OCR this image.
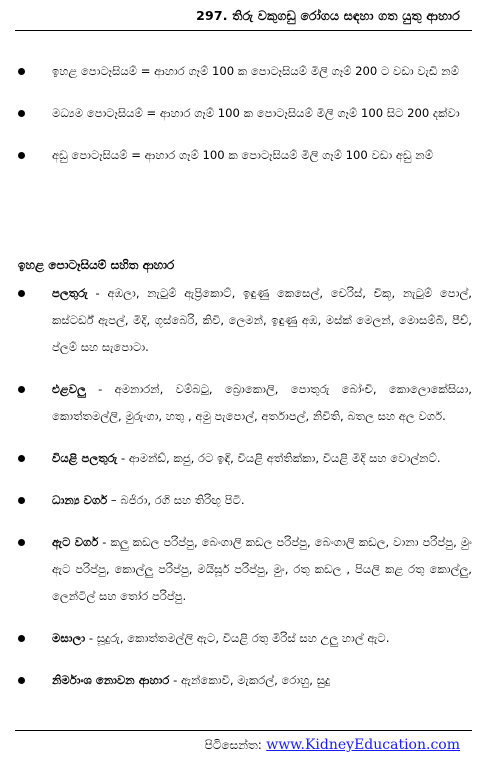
297. තිරු වකුගඩු රෝගය සඳහා ගත යුතු ආහාර
ඉහළ පොටෑසියම් = ආහාර ගෑම් 100 ක පොටෑසියම් මිලි ගෑම් 200 ට වඩා වැඩි නම්
මධ්‍යම පොටෑසියම් = ආහාර ගෑම් 100 ක පොටෑසියම් මිලි ගෑම් 100 සිට 200 දක්වා
අඩු පොටෑසියම් = ආහාර ගෑම් 100 ක පොටෑසියම් මිලි ගෑම් 100 වඩා අඩු නම්
ඉහළ පොටෑසියම් සහිත ආහාර
පලතුරු - අඹලා, නැටුම් ඇප්‍රිකොට්, ඉඳුණු කෙසෙල්, චෙරිස්, චිකූ, නැටුම් පොල්, කස්ටර්ඩ් ඇපල්, මිදි, ගූස්බෙරි, කිවි, ලෙමන්, ඉඳුණු අඹ, මස්ක් මෙලන්, මොසම්බි, පීච්, ප්ලම් සහ සැපොටා.
එළවලු - අමනාරන්, වම්බටු, බ්‍රොකොලි, පොතුරු බෝංචි, කොලොකේසියා, කොත්තමල්ලි, මුරුංගා, හතු , අමු පැපොල්, අර්තාපල්, නිවිති, බතල සහ අල වර්ග.
වියළි පලතුරු - ආමන්ඩ්, කජු, රට ඉඳි, වියළි අත්තික්කා, වියළි මිදි සහ වොල්නට්.
ධාන්‍ය වර්ග – බජිරා, රගි සහ තිරිඟු පිටි.
ඇට වර්ග - කලු කඩල පරිප්පු, බෙංගාලි කඩල පරිප්පු, බෙංගාලි කඩල, වානා පරිප්පු, මුං ඇට පරිප්පු, කොල්ලු පරිප්පු, මයිසූර් පරිප්පු, මුං, රතු කඩල , පියලි කළ රතු කොල්ලු, ලෙන්ටිල් සහ තෝර පරිප්පු.
මසාලා - සූදුරු, කොත්තමල්ලි ඇට, වියළි රතු මිරිස් සහ උලු හාල් ඇට.
නිර්මාංශ නොවන ආහාර - ඇන්කොවි, මැකරල්, රොහු, සුදු
පිටිසෙන්ත: www.KidneyEducation.com
